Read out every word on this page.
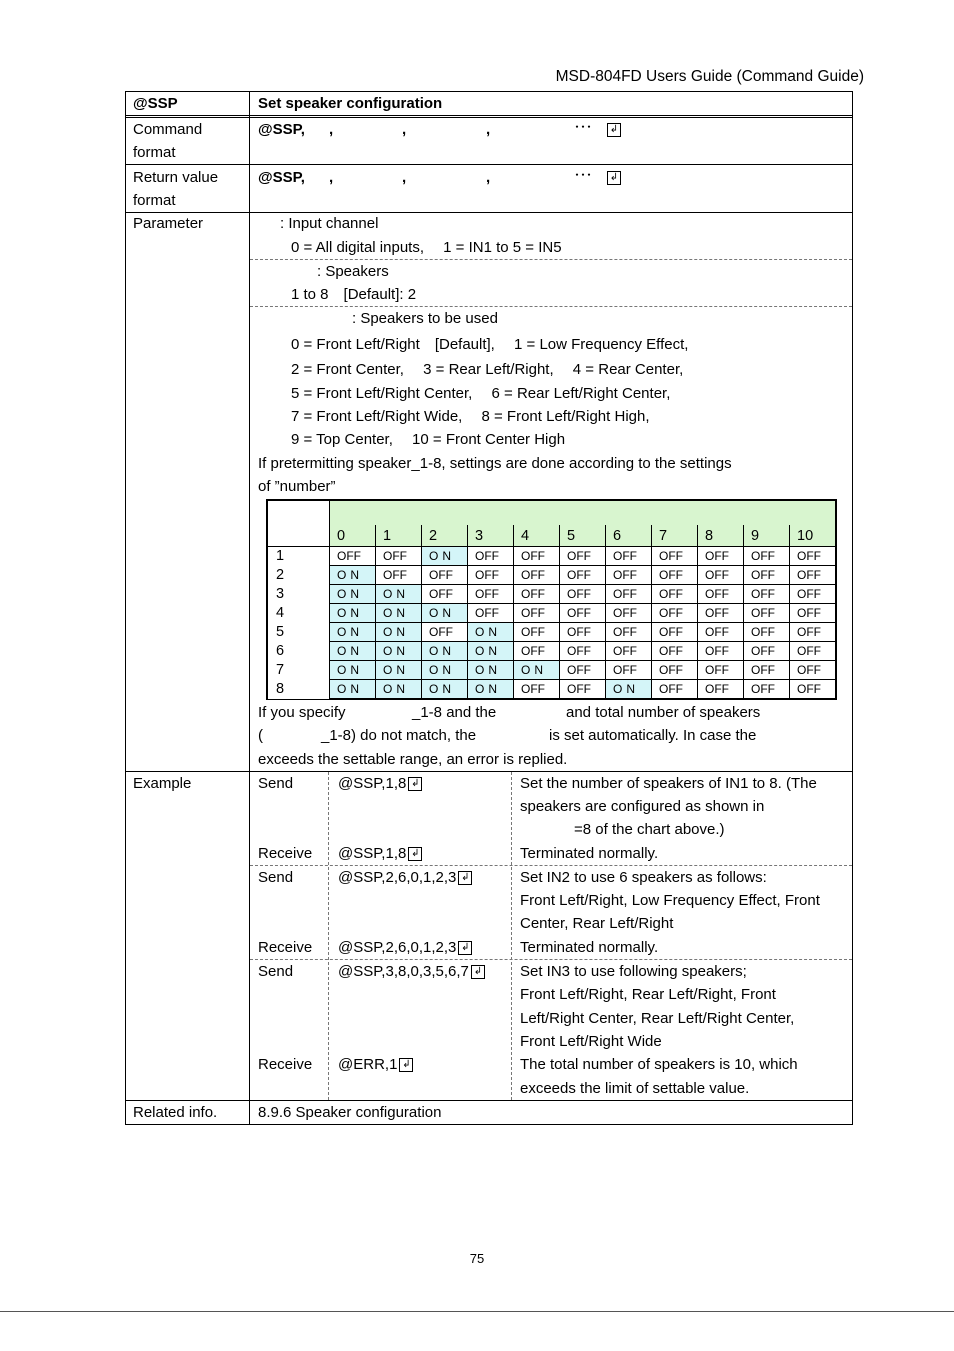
MSD-804FD Users Guide (Command Guide)
@SSP	Set speaker configuration
Command
format
@SSP, ,	,	,	･･･	↲
Return value
format
@SSP, ,	,	,	･･･	↲
Parameter	: Input channel
0 = All digital inputs,  1 = IN1 to 5 = IN5
: Speakers
1 to 8 [Default]: 2
: Speakers to be used
0 = Front Left/Right [Default],  1 = Low Frequency Effect,
2 = Front Center,  3 = Rear Left/Right,  4 = Rear Center,
5 = Front Left/Right Center,  6 = Rear Left/Right Center,
7 = Front Left/Right Wide,  8 = Front Left/Right High,
9 = Top Center,  10 = Front Center High
If pretermitting speaker_1-8, settings are done according to the settings
of ”number”

	0	1	2	3	4	5	6	7	8	9	10
1	OFF	OFF	ON	OFF	OFF	OFF	OFF	OFF	OFF	OFF	OFF
2	ON	OFF	OFF	OFF	OFF	OFF	OFF	OFF	OFF	OFF	OFF
3	ON	ON	OFF	OFF	OFF	OFF	OFF	OFF	OFF	OFF	OFF
4	ON	ON	ON	OFF	OFF	OFF	OFF	OFF	OFF	OFF	OFF
5	ON	ON	OFF	ON	OFF	OFF	OFF	OFF	OFF	OFF	OFF
6	ON	ON	ON	ON	OFF	OFF	OFF	OFF	OFF	OFF	OFF
7	ON	ON	ON	ON	ON	OFF	OFF	OFF	OFF	OFF	OFF
8	ON	ON	ON	ON	OFF	OFF	ON	OFF	OFF	OFF	OFF
If you specify	_1-8 and the	and total number of speakers
(	_1-8) do not match, the	is set automatically. In case the
exceeds the settable range, an error is replied.
Example	Send	@SSP,1,8 ↲	Set the number of speakers of IN1 to 8. (The
speakers are configured as shown in
=8 of the chart above.)
Receive @SSP,1,8 ↲	Terminated normally.
Send	@SSP,2,6,0,1,2,3 ↲	Set IN2 to use 6 speakers as follows:
Front Left/Right, Low Frequency Effect, Front
Center, Rear Left/Right
Receive @SSP,2,6,0,1,2,3 ↲	Terminated normally.
Send	@SSP,3,8,0,3,5,6,7 ↲	Set IN3 to use following speakers;
Front Left/Right, Rear Left/Right, Front
Left/Right Center, Rear Left/Right Center,
Front Left/Right Wide
Receive @ERR,1 ↲	The total number of speakers is 10, which
exceeds the limit of settable value.
Related info.	8.9.6 Speaker configuration
75
